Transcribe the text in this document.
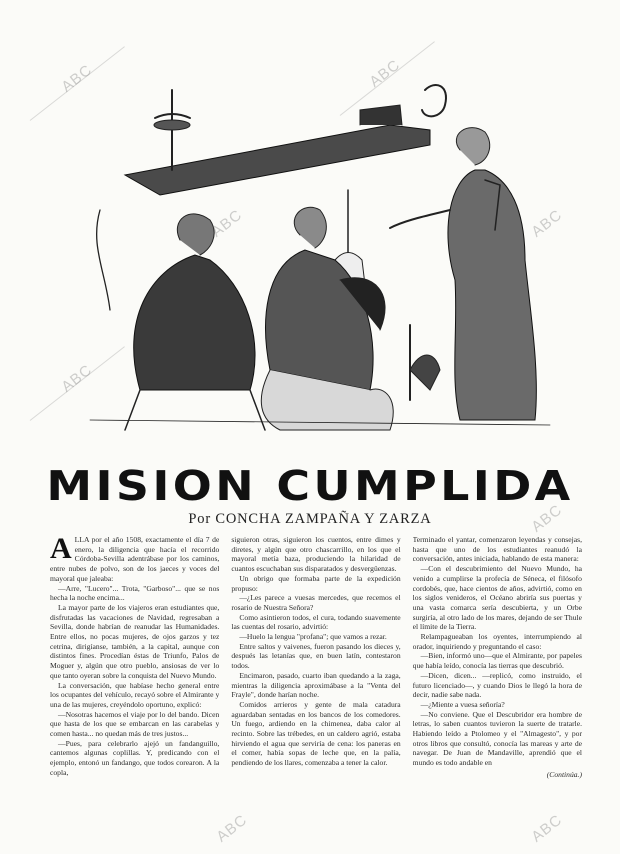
MISION CUMPLIDA
Por CONCHA ZAMPAÑA Y ZARZA

ALLA por el año 1508, exactamente el día 7 de enero, la diligencia que hacía el recorrido Córdoba-Sevilla adentrábase por los caminos, entre nubes de polvo, son de los jaeces y voces del mayoral que jaleaba:

—Arre, "Lucero"... Trota, "Garboso"... que se nos hecha la noche encima...

La mayor parte de los viajeros eran estudiantes que, disfrutadas las vacaciones de Navidad, regresaban a Sevilla, donde habrían de reanudar las Humanidades. Entre ellos, no pocas mujeres, de ojos garzos y tez cetrina, dirigíanse, también, a la capital, aunque con distintos fines. Procedían éstas de Triunfo, Palos de Moguer y, algún que otro pueblo, ansiosas de ver lo que tanto oyeran sobre la conquista del Nuevo Mundo.

La conversación, que habíase hecho general entre los ocupantes del vehículo, recayó sobre el Almirante y una de las mujeres, creyéndolo oportuno, explicó:

—Nosotras hacemos el viaje por lo del bando. Dicen que hasta de los que se embarcan en las carabelas y comen hasta... no quedan más de tres justos...

—Pues, para celebrarlo ajejó un fandanguillo, cantemos algunas coplillas. Y, predicando con el ejemplo, entonó un fandango, que todos corearon. A la copla,

siguieron otras, siguieron los cuentos, entre dimes y diretes, y algún que otro chascarrillo, en los que el mayoral metía baza, produciendo la hilaridad de cuantos escuchaban sus disparatados y desvergüenzas.

Un obrigo que formaba parte de la expedición propuso:

—¿Les parece a vuesas mercedes, que recemos el rosario de Nuestra Señora?

Como asintieron todos, el cura, todando suavemente las cuentas del rosario, advirtió:

—Huelo la lengua "profana"; que vamos a rezar.

Entre saltos y vaivenes, fueron pasando los dieces y, después las letanías que, en buen latín, contestaron todos.

Encimaron, pasado, cuarto iban quedando a la zaga, mientras la diligencia aproximábase a la "Venta del Frayle", donde harían noche.

Comidos arrieros y gente de mala catadura aguardaban sentadas en los bancos de los comedores. Un fuego, ardiendo en la chimenea, daba calor al recinto. Sobre las trébedes, en un caldero agrió, estaba hirviendo el agua que serviría de cena: los paneras en el comer, había sopas de leche que, en la palía, pendiendo de los llares, comenzaba a tener la calor.

Terminado el yantar, comenzaron leyendas y consejas, hasta que uno de los estudiantes reanudó la conversación, antes iniciada, hablando de esta manera:

—Con el descubrimiento del Nuevo Mundo, ha venido a cumplirse la profecía de Séneca, el filósofo cordobés, que, hace cientos de años, advirtió, como en los siglos venideros, el Océano abriría sus puertas y una vasta comarca sería descubierta, y un Orbe surgiría, al otro lado de los mares, dejando de ser Thule el límite de la Tierra.

Relampagueaban los oyentes, interrumpiendo al orador, inquiriendo y preguntando el caso:

—Bien, informó uno—que el Almirante, por papeles que había leído, conocía las tierras que descubrió.

—Dicen, dicen... —replicó, como instruido, el futuro licenciado—, y cuando Dios le llegó la hora de decir, nadie sabe nada.

—¿Miente a vuesa señoría?

—No conviene. Que el Descubridor era hombre de letras, lo saben cuantos tuvieron la suerte de tratarle. Habiendo leído a Ptolomeo y el "Almagesto", y por otros libros que consultó, conocía las mareas y arte de navegar. De Juan de Mandaville, aprendió que el mundo es todo andable en

(Continúa.)

ABC	ABC
ABC	ABC
ABC
ABC
ABC	ABC
